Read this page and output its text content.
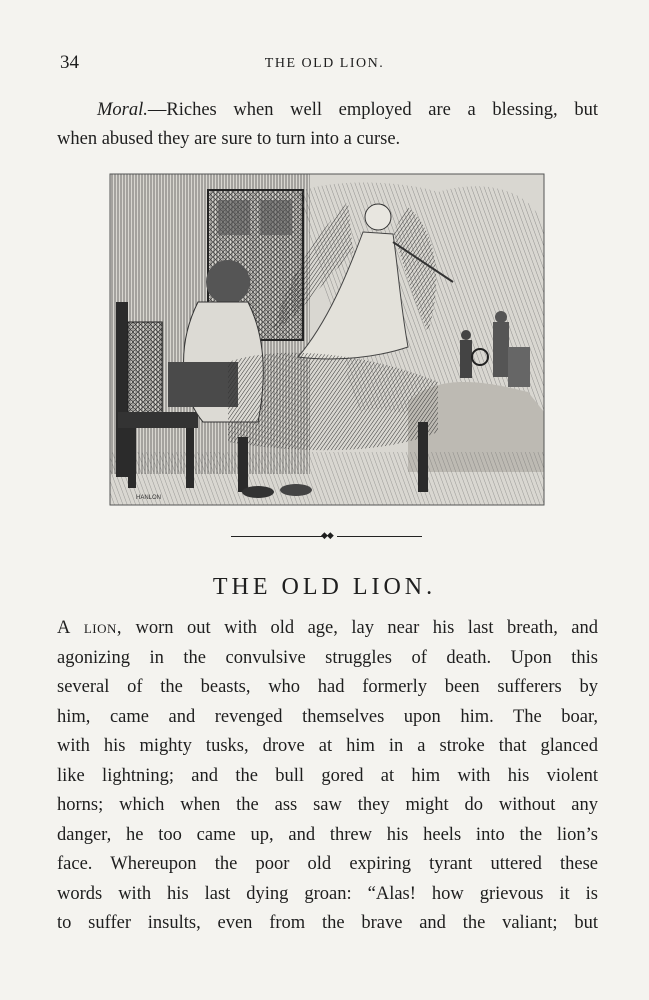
34	THE OLD LION.
Moral.—Riches when well employed are a blessing, but
when abused they are sure to turn into a curse.
HANLON
◆◆
THE OLD LION.
A lion, worn out with old age, lay near his last breath, and
agonizing in the convulsive struggles of death. Upon this
several of the beasts, who had formerly been sufferers by
him, came and revenged themselves upon him. The boar,
with his mighty tusks, drove at him in a stroke that glanced
like lightning; and the bull gored at him with his violent
horns; which when the ass saw they might do without any
danger, he too came up, and threw his heels into the lion’s
face. Whereupon the poor old expiring tyrant uttered these
words with his last dying groan: “Alas! how grievous it is
to suffer insults, even from the brave and the valiant; but
